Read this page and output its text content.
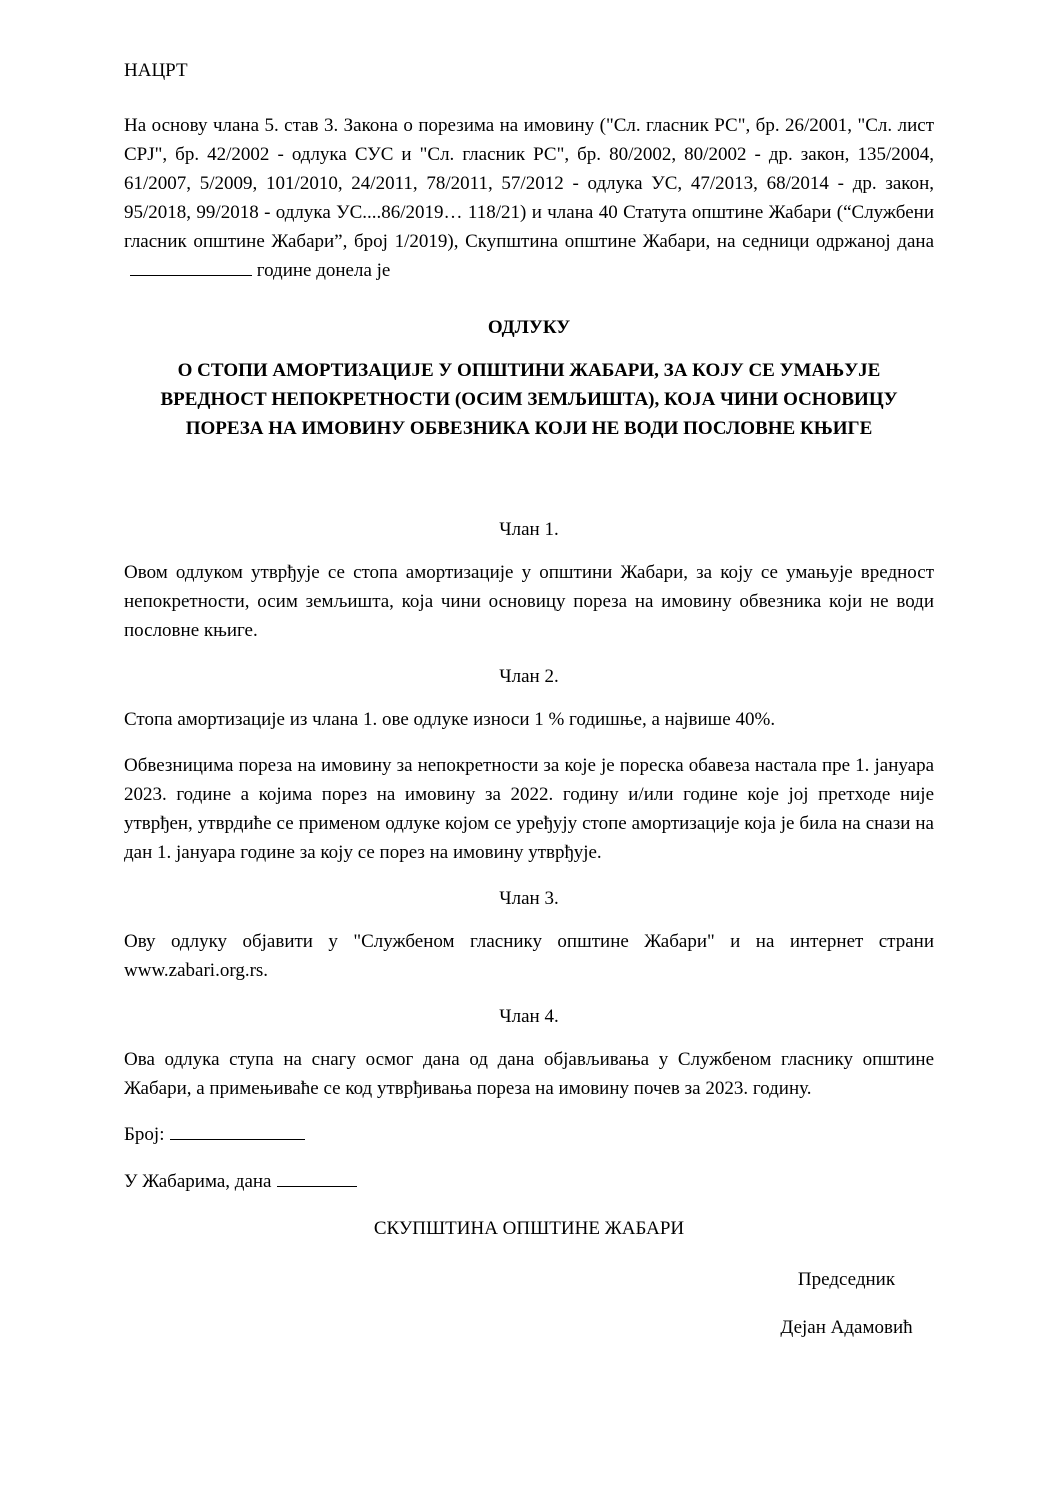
НАЦРТ

На основу члана 5. став 3. Закона о порезима на имовину ("Сл. гласник РС", бр. 26/2001, "Сл. лист СРЈ", бр. 42/2002 - одлука СУС и "Сл. гласник РС", бр. 80/2002, 80/2002 - др. закон, 135/2004, 61/2007, 5/2009, 101/2010, 24/2011, 78/2011, 57/2012 - одлука УС, 47/2013, 68/2014 - др. закон, 95/2018, 99/2018 - одлука УС....86/2019… 118/21) и члана 40 Статута општине Жабари (“Службени гласник општине Жабари”, број 1/2019), Скупштина општине Жабари, на седници одржаној дана године донела је

ОДЛУКУ

О СТОПИ АМОРТИЗАЦИЈЕ У ОПШТИНИ ЖАБАРИ, ЗА КОЈУ СЕ УМАЊУЈЕ ВРЕДНОСТ НЕПОКРЕТНОСТИ (ОСИМ ЗЕМЉИШТА), КОЈА ЧИНИ ОСНОВИЦУ ПОРЕЗА НА ИМОВИНУ ОБВЕЗНИКА КОЈИ НЕ ВОДИ ПОСЛОВНЕ КЊИГЕ

Члан 1.

Овом одлуком утврђује се стопа амортизације у општини Жабари, за коју се умањује вредност непокретности, осим земљишта, која чини основицу пореза на имовину обвезника који не води пословне књиге.

Члан 2.

Стопа амортизације из члана 1. ове одлуке износи 1 % годишње, а највише 40%.

Обвезницима пореза на имовину за непокретности за које је пореска обавеза настала пре 1. јануара 2023. године а којима порез на имовину за 2022. годину и/или године које јој претходе није утврђен, утврдиће се применом одлуке којом се уређују стопе амортизације која је била на снази на дан 1. јануара године за коју се порез на имовину утврђује.

Члан 3.

Ову одлуку објавити у "Службеном гласнику општине Жабари" и на интернет страни www.zabari.org.rs.

Члан 4.

Ова одлука ступа на снагу осмог дана од дана објављивања у Службеном гласнику општине Жабари, а примењиваће се код утврђивања пореза на имовину почев за 2023. годину.

Број:

У Жабарима, дана

СКУПШТИНА ОПШТИНЕ ЖАБАРИ

Председник

Дејан Адамовић
